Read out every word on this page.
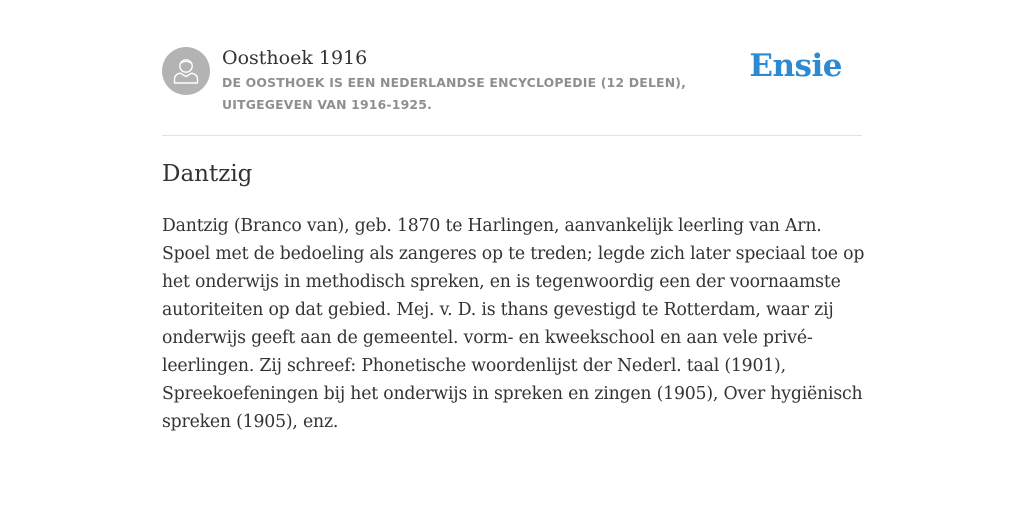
Oosthoek 1916
DE OOSTHOEK IS EEN NEDERLANDSE ENCYCLOPEDIE (12 DELEN), UITGEGEVEN VAN 1916-1925.
Ensie
Dantzig

Dantzig (Branco van), geb. 1870 te Harlingen, aanvankelijk leerling van Arn. Spoel met de bedoeling als zangeres op te treden; legde zich later speciaal toe op het onderwijs in methodisch spreken, en is tegenwoordig een der voornaamste autoriteiten op dat gebied. Mej. v. D. is thans gevestigd te Rotterdam, waar zij onderwijs geeft aan de gemeentel. vorm- en kweekschool en aan vele privé-leerlingen. Zij schreef: Phonetische woordenlijst der Nederl. taal (1901), Spreekoefeningen bij het onderwijs in spreken en zingen (1905), Over hygiënisch spreken (1905), enz.
